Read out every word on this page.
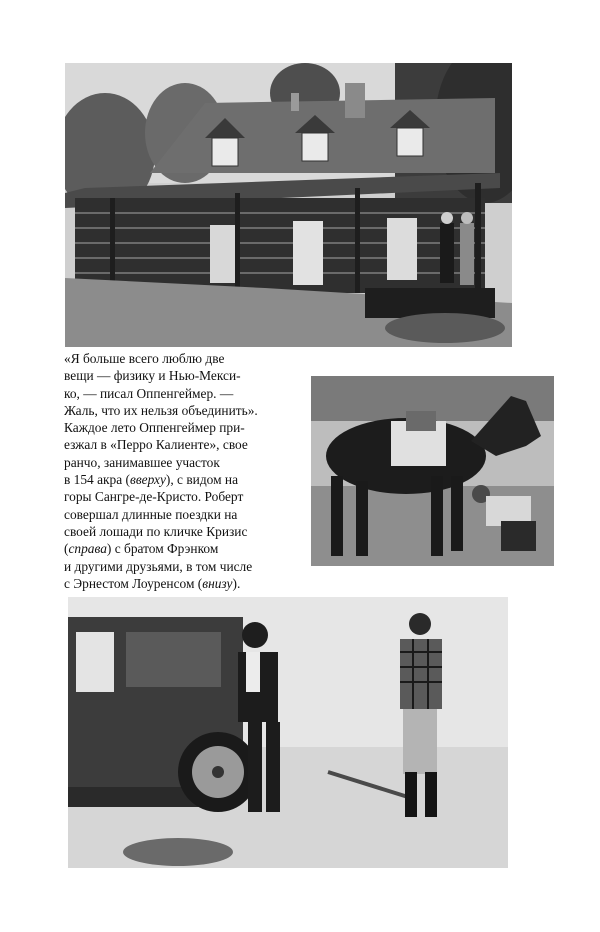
«Я больше всего люблю две

вещи — физику и Нью-Мекси-

ко, — писал Оппенгеймер. —

Жаль, что их нельзя объединить».

Каждое лето Оппенгеймер при-

езжал в «Перро Калиенте», свое

ранчо, занимавшее участок

в 154 акра (вверху), с видом на

горы Сангре-де-Кристо. Роберт

совершал длинные поездки на

своей лошади по кличке Кризис

(справа) с братом Фрэнком

и другими друзьями, в том числе

с Эрнестом Лоуренсом (внизу).
